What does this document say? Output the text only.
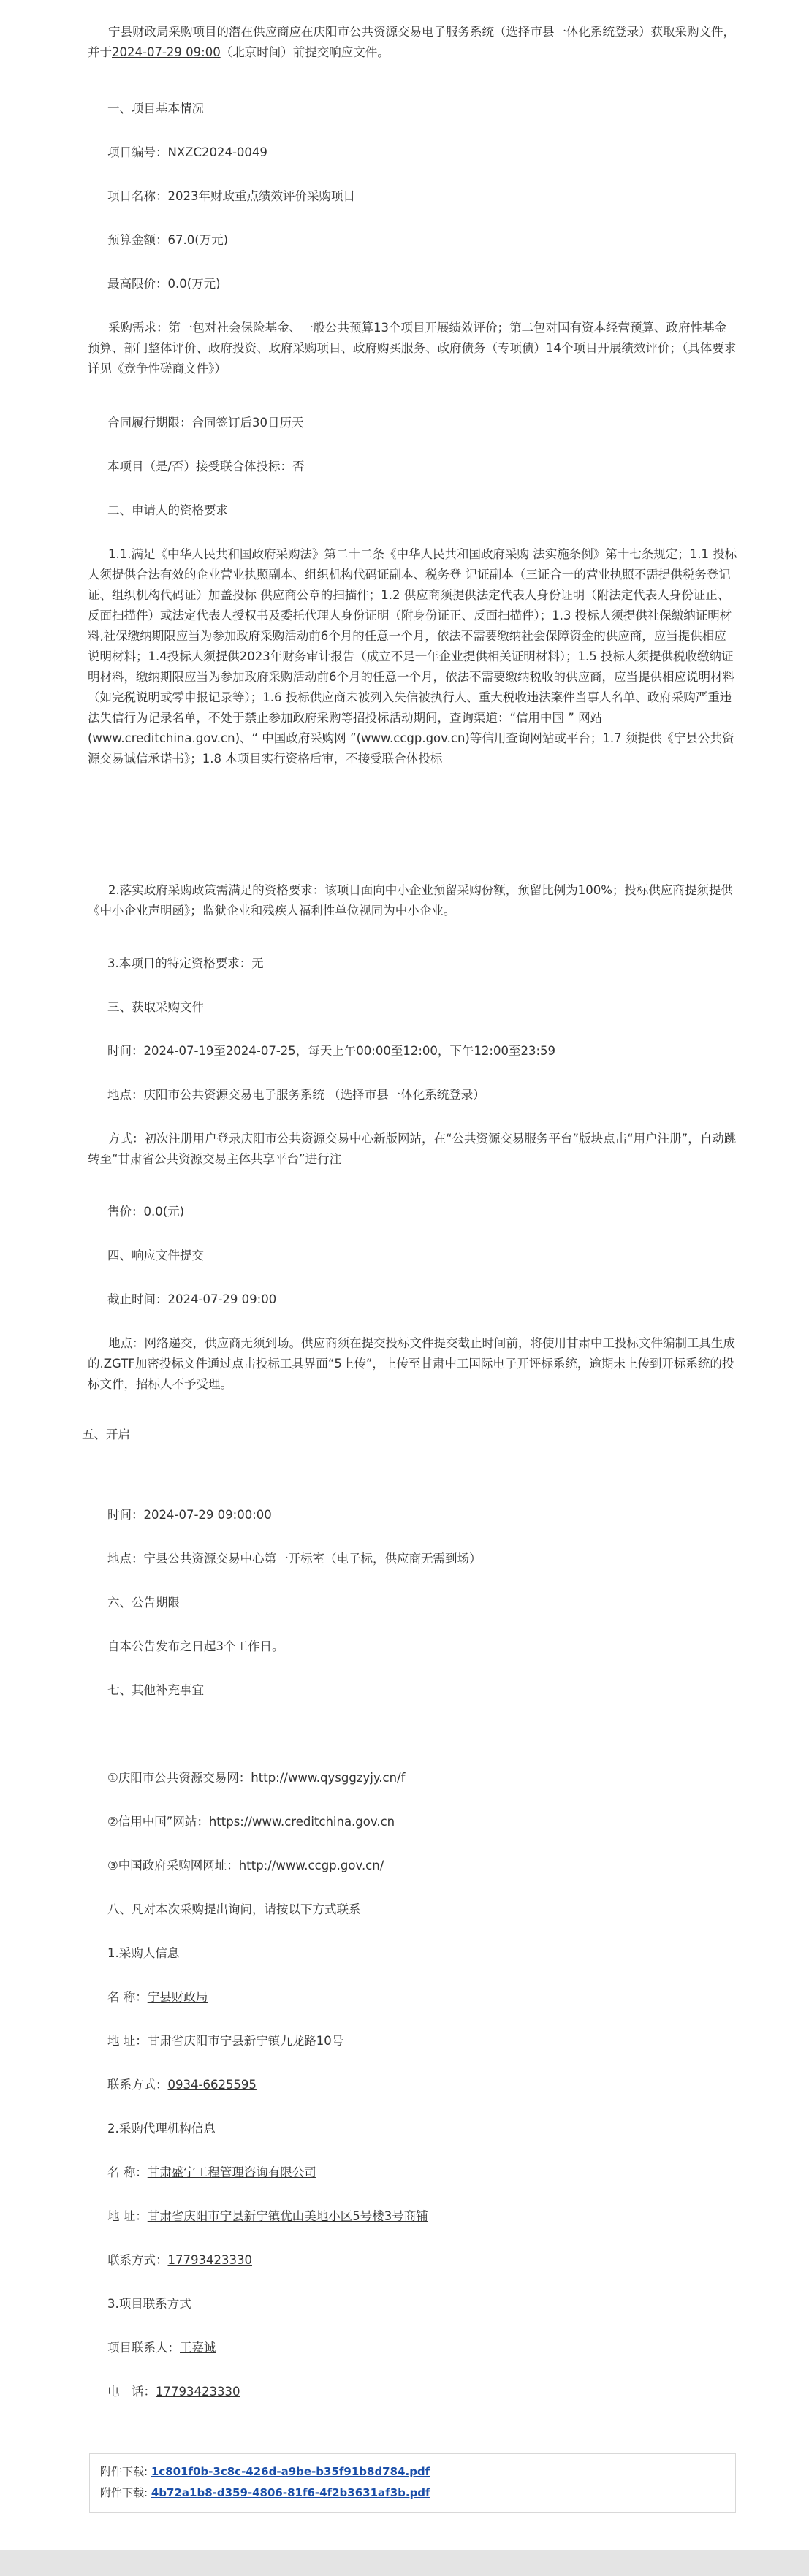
宁县财政局采购项目的潜在供应商应在庆阳市公共资源交易电子服务系统（选择市县一体化系统登录）获取采购文件，并于2024-07-29 09:00（北京时间）前提交响应文件。

一、项目基本情况

项目编号：NXZC2024-0049

项目名称：2023年财政重点绩效评价采购项目

预算金额：67.0(万元)

最高限价：0.0(万元)

采购需求：第一包对社会保险基金、一般公共预算13个项目开展绩效评价；第二包对国有资本经营预算、政府性基金预算、部门整体评价、政府投资、政府采购项目、政府购买服务、政府债务（专项债）14个项目开展绩效评价；（具体要求详见《竞争性磋商文件》）

合同履行期限：合同签订后30日历天

本项目（是/否）接受联合体投标：否

二、申请人的资格要求

1.1.满足《中华人民共和国政府采购法》第二十二条《中华人民共和国政府采购 法实施条例》第十七条规定；1.1 投标人须提供合法有效的企业营业执照副本、组织机构代码证副本、税务登 记证副本（三证合一的营业执照不需提供税务登记证、组织机构代码证）加盖投标 供应商公章的扫描件；1.2 供应商须提供法定代表人身份证明（附法定代表人身份证正、反面扫描件）或法定代表人授权书及委托代理人身份证明（附身份证正、反面扫描件）；1.3 投标人须提供社保缴纳证明材料,社保缴纳期限应当为参加政府采购活动前6个月的任意一个月，依法不需要缴纳社会保障资金的供应商，应当提供相应说明材料；1.4投标人须提供2023年财务审计报告（成立不足一年企业提供相关证明材料）；1.5 投标人须提供税收缴纳证明材料，缴纳期限应当为参加政府采购活动前6个月的任意一个月，依法不需要缴纳税收的供应商，应当提供相应说明材料（如完税说明或零申报记录等）；1.6 投标供应商未被列入失信被执行人、重大税收违法案件当事人名单、政府采购严重违法失信行为记录名单，不处于禁止参加政府采购等招投标活动期间，查询渠道：“信用中国 ” 网站(www.creditchina.gov.cn)、“ 中国政府采购网 ”(www.ccgp.gov.cn)等信用查询网站或平台；1.7 须提供《宁县公共资源交易诚信承诺书》；1.8 本项目实行资格后审，不接受联合体投标

2.落实政府采购政策需满足的资格要求：该项目面向中小企业预留采购份额，预留比例为100%；投标供应商提须提供《中小企业声明函》；监狱企业和残疾人福利性单位视同为中小企业。

3.本项目的特定资格要求：无

三、获取采购文件

时间：2024-07-19至2024-07-25，每天上午00:00至12:00，下午12:00至23:59

地点：庆阳市公共资源交易电子服务系统 （选择市县一体化系统登录）

方式：初次注册用户登录庆阳市公共资源交易中心新版网站，在“公共资源交易服务平台”版块点击“用户注册”，自动跳转至“甘肃省公共资源交易主体共享平台”进行注

售价：0.0(元)

四、响应文件提交

截止时间：2024-07-29 09:00

地点：网络递交，供应商无须到场。供应商须在提交投标文件提交截止时间前，将使用甘肃中工投标文件编制工具生成的.ZGTF加密投标文件通过点击投标工具界面“5上传”，上传至甘肃中工国际电子开评标系统，逾期未上传到开标系统的投标文件，招标人不予受理。

五、开启

时间：2024-07-29 09:00:00

地点：宁县公共资源交易中心第一开标室（电子标，供应商无需到场）

六、公告期限

自本公告发布之日起3个工作日。

七、其他补充事宜

①庆阳市公共资源交易网：http://www.qysggzyjy.cn/f

②信用中国”网站：https://www.creditchina.gov.cn

③中国政府采购网网址：http://www.ccgp.gov.cn/

八、凡对本次采购提出询问，请按以下方式联系

1.采购人信息

名 称：宁县财政局

地 址：甘肃省庆阳市宁县新宁镇九龙路10号

联系方式：0934-6625595

2.采购代理机构信息

名 称：甘肃盛宁工程管理咨询有限公司

地 址：甘肃省庆阳市宁县新宁镇优山美地小区5号楼3号商铺

联系方式：17793423330

3.项目联系方式

项目联系人：王嘉诚

电　话：17793423330

附件下载: 1c801f0b-3c8c-426d-a9be-b35f91b8d784.pdf
附件下载: 4b72a1b8-d359-4806-81f6-4f2b3631af3b.pdf
